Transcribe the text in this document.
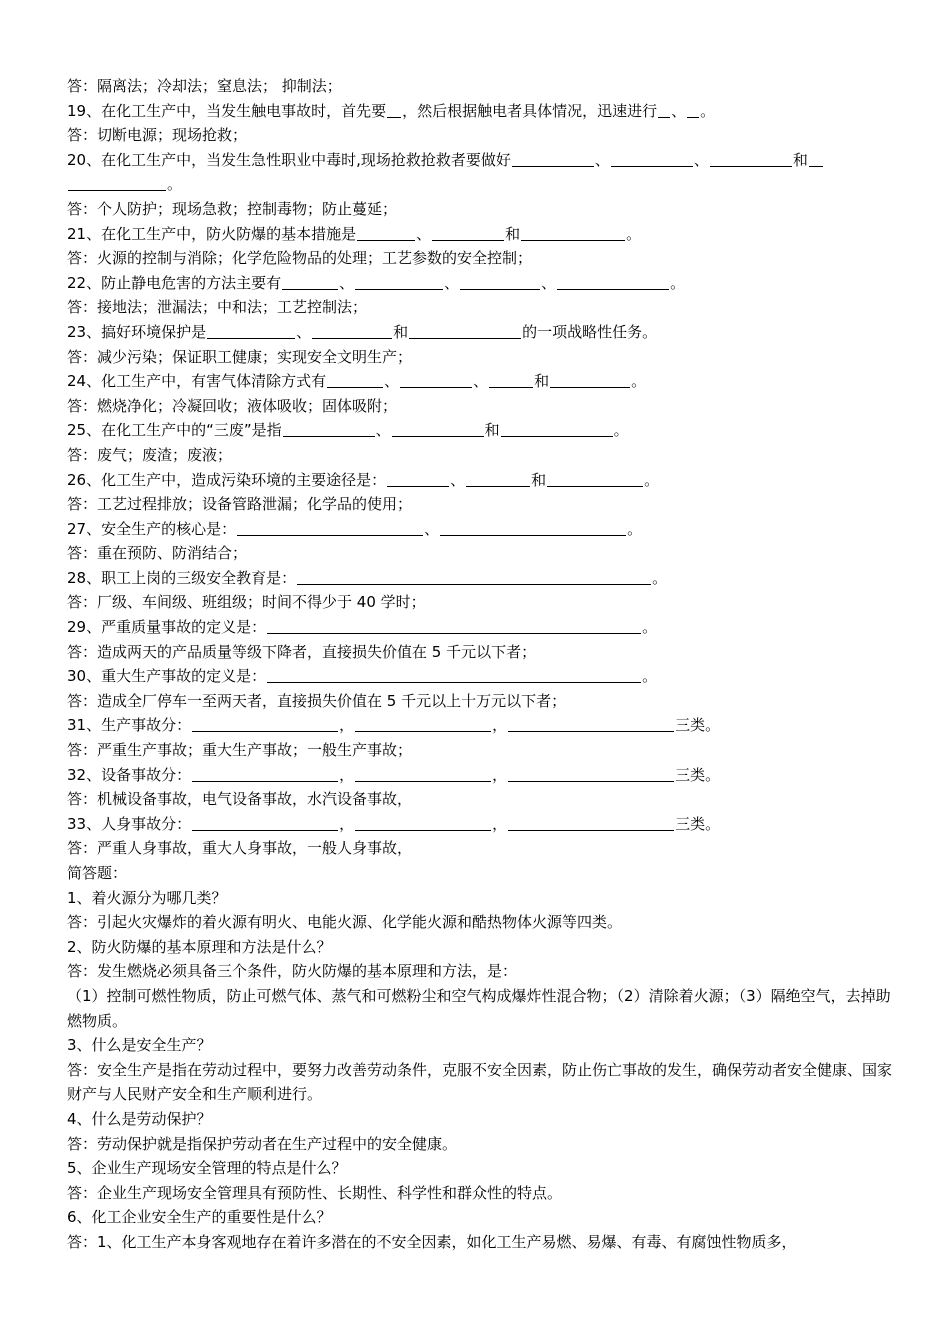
答：隔离法；冷却法；窒息法； 抑制法；
19、在化工生产中，当发生触电事故时，首先要 ，然后根据触电者具体情况，迅速进行 、 。
答：切断电源；现场抢救；
20、在化工生产中，当发生急性职业中毒时,现场抢救抢救者要做好	、	、	和
。
答：个人防护；现场急救；控制毒物；防止蔓延；
21、在化工生产中，防火防爆的基本措施是	、	和	。
答：火源的控制与消除；化学危险物品的处理；工艺参数的安全控制；
22、防止静电危害的方法主要有	、	、	、	。
答：接地法；泄漏法；中和法；工艺控制法；
23、搞好环境保护是	、	和	的一项战略性任务。
答：减少污染；保证职工健康；实现安全文明生产；
24、化工生产中，有害气体清除方式有	、	、	和	。
答：燃烧净化；冷凝回收；液体吸收；固体吸附；
25、在化工生产中的“三废”是指	、	和	。
答：废气；废渣；废液；
26、化工生产中，造成污染环境的主要途径是：	、	和	。
答：工艺过程排放；设备管路泄漏；化学品的使用；
27、安全生产的核心是：	、	。
答：重在预防、防消结合；
28、职工上岗的三级安全教育是：	。
答：厂级、车间级、班组级；时间不得少于 40 学时；
29、严重质量事故的定义是：	。
答：造成两天的产品质量等级下降者，直接损失价值在 5 千元以下者；
30、重大生产事故的定义是：	。
答：造成全厂停车一至两天者，直接损失价值在 5 千元以上十万元以下者；
31、生产事故分：	，	，	三类。
答：严重生产事故；重大生产事故；一般生产事故；
32、设备事故分：	，	，	三类。
答：机械设备事故，电气设备事故，水汽设备事故，
33、人身事故分：	，	，	三类。
答：严重人身事故，重大人身事故，一般人身事故，
简答题：
1、着火源分为哪几类？
答：引起火灾爆炸的着火源有明火、电能火源、化学能火源和酷热物体火源等四类。
2、防火防爆的基本原理和方法是什么？
答：发生燃烧必须具备三个条件，防火防爆的基本原理和方法，是：
（1）控制可燃性物质，防止可燃气体、蒸气和可燃粉尘和空气构成爆炸性混合物；（2）清除着火源；（3）隔绝空气，去掉助燃物质。
3、什么是安全生产？
答：安全生产是指在劳动过程中，要努力改善劳动条件，克服不安全因素，防止伤亡事故的发生，确保劳动者安全健康、国家财产与人民财产安全和生产顺利进行。
4、什么是劳动保护？
答：劳动保护就是指保护劳动者在生产过程中的安全健康。
5、企业生产现场安全管理的特点是什么？
答：企业生产现场安全管理具有预防性、长期性、科学性和群众性的特点。
6、化工企业安全生产的重要性是什么？
答：1、化工生产本身客观地存在着许多潜在的不安全因素，如化工生产易燃、易爆、有毒、有腐蚀性物质多，
